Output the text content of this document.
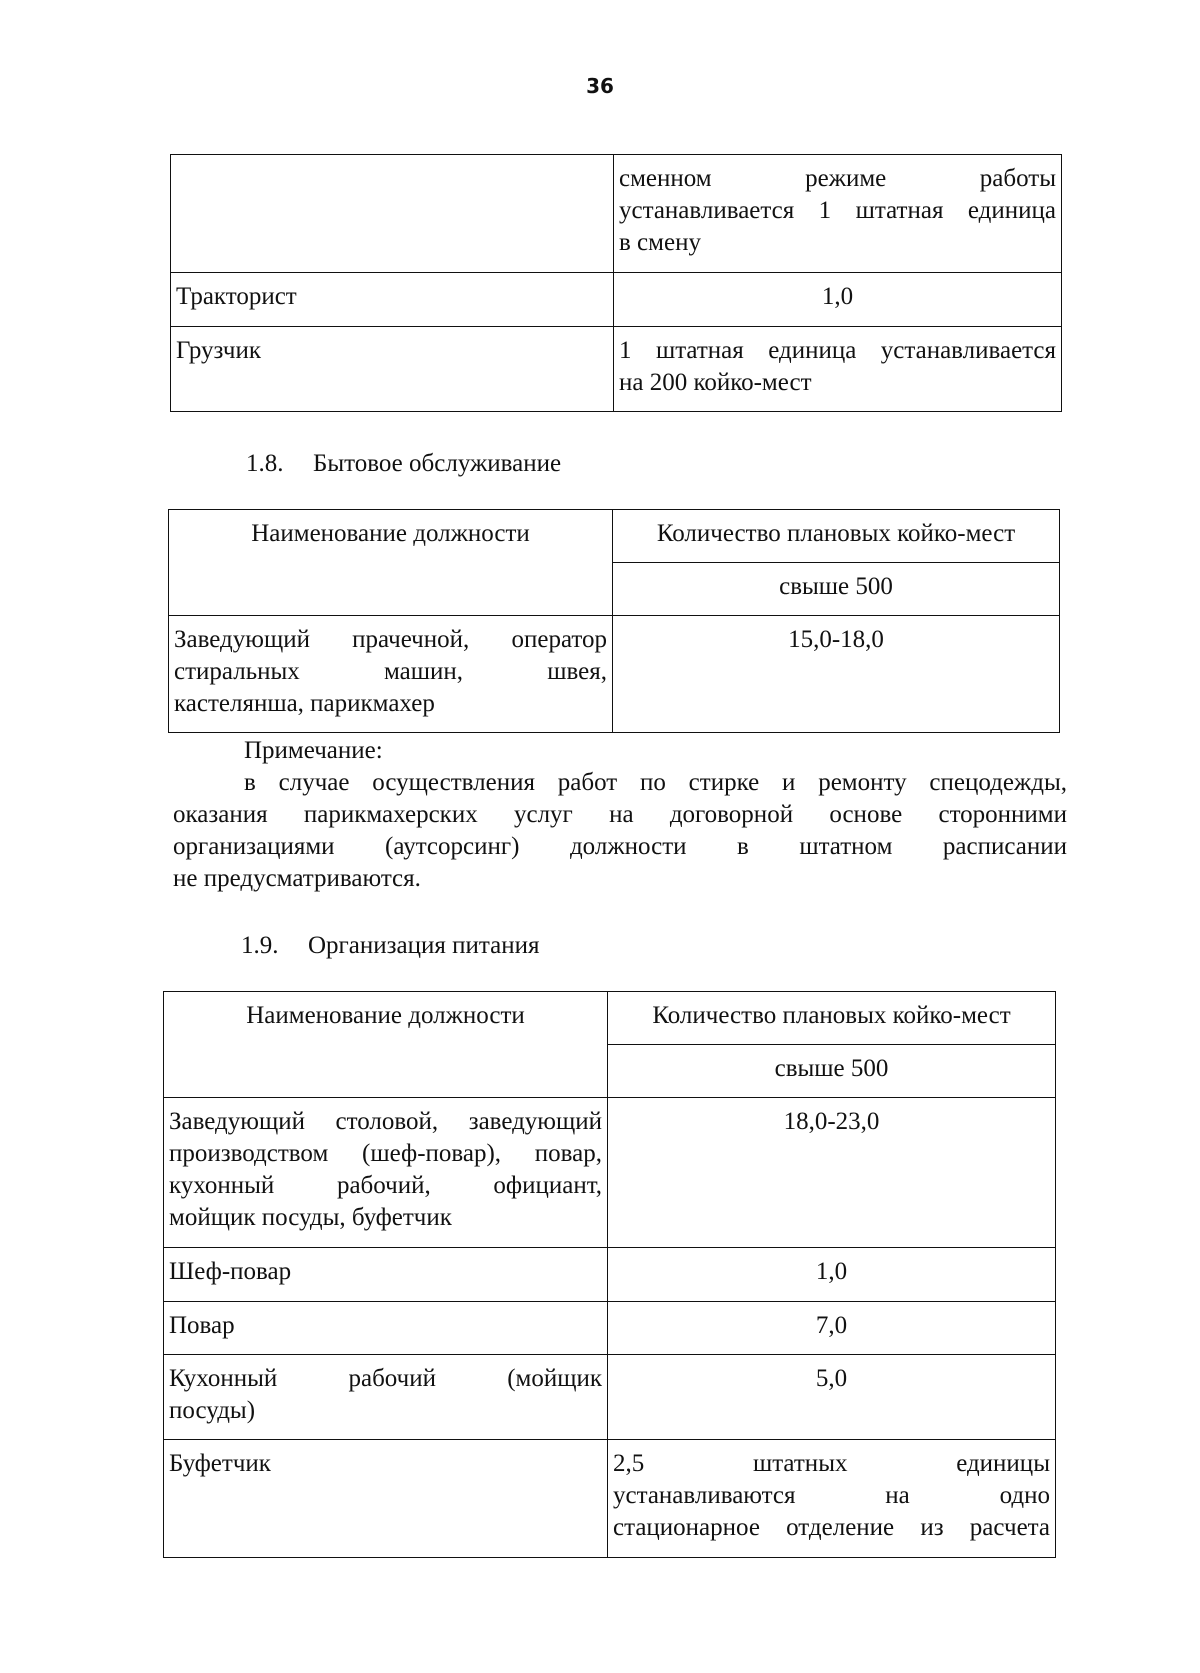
36

	сменном режиме работы
устанавливается 1 штатная единица
в смену

Тракторист	1,0
Грузчик	1 штатная единица устанавливается
на 200 койко-мест
1.8. Бытовое обслуживание
Наименование должности	Количество плановых койко-мест
	свыше 500

Заведующий прачечной, оператор
стиральных машин, швея,
кастелянша, парикмахер	15,0-18,0
Примечание:
в случае осуществления работ по стирке и ремонту спецодежды,
оказания парикмахерских услуг на договорной основе сторонними
организациями (аутсорсинг) должности в штатном расписании
не предусматриваются.
1.9. Организация питания
Наименование должности	Количество плановых койко-мест
	свыше 500

Заведующий столовой, заведующий
производством (шеф-повар), повар,
кухонный рабочий, официант,
мойщик посуды, буфетчик	18,0-23,0
Шеф-повар	1,0
Повар	7,0

Кухонный рабочий (мойщик
посуды)	5,0
Буфетчик	2,5 штатных единицы
устанавливаются на одно
стационарное отделение из расчета
